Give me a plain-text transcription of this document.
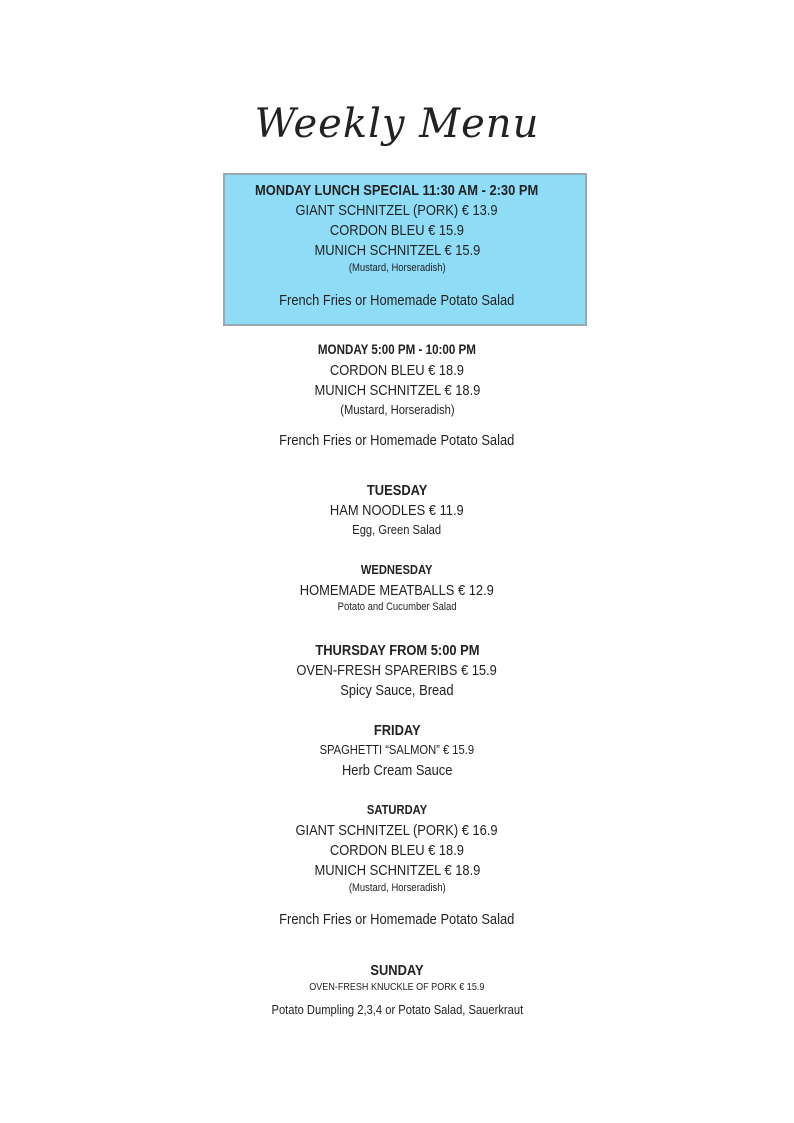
Weekly Menu
MONDAY LUNCH SPECIAL 11:30 AM - 2:30 PM
GIANT SCHNITZEL (PORK) € 13.9
CORDON BLEU € 15.9
MUNICH SCHNITZEL € 15.9
(Mustard, Horseradish)
French Fries or Homemade Potato Salad
MONDAY 5:00 PM - 10:00 PM
CORDON BLEU € 18.9
MUNICH SCHNITZEL € 18.9
(Mustard, Horseradish)
French Fries or Homemade Potato Salad
TUESDAY
HAM NOODLES € 11.9
Egg, Green Salad
WEDNESDAY
HOMEMADE MEATBALLS € 12.9
Potato and Cucumber Salad
THURSDAY FROM 5:00 PM
OVEN-FRESH SPARERIBS € 15.9
Spicy Sauce, Bread
FRIDAY
SPAGHETTI “SALMON” € 15.9
Herb Cream Sauce
SATURDAY
GIANT SCHNITZEL (PORK) € 16.9
CORDON BLEU € 18.9
MUNICH SCHNITZEL € 18.9
(Mustard, Horseradish)
French Fries or Homemade Potato Salad
SUNDAY
OVEN-FRESH KNUCKLE OF PORK € 15.9
Potato Dumpling 2,3,4 or Potato Salad, Sauerkraut
